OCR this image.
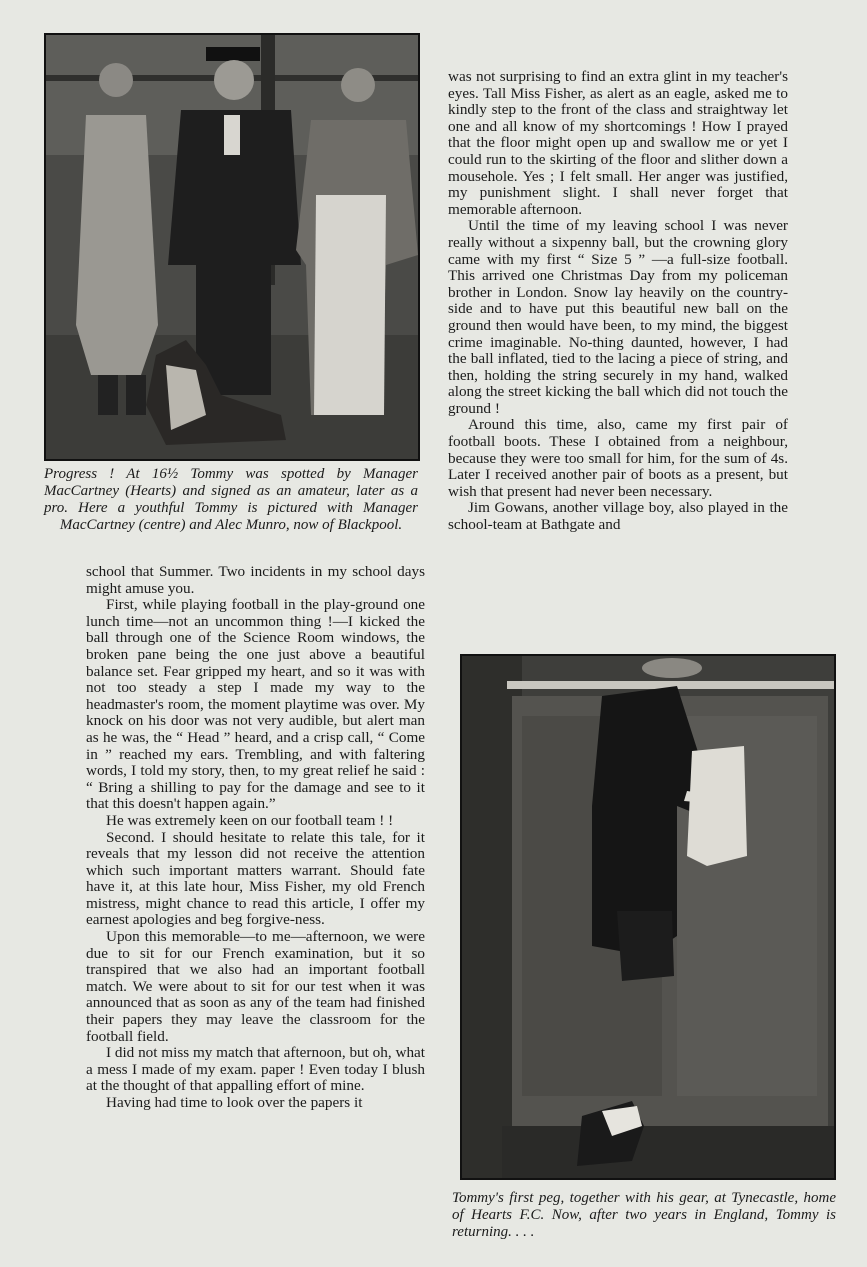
Progress ! At 16½ Tommy was spotted by Manager MacCartney (Hearts) and signed as an amateur, later as a pro. Here a youthful Tommy is pictured with Manager MacCartney (centre) and Alec Munro, now of Blackpool.

school that Summer. Two incidents in my school days might amuse you.

First, while playing football in the play-ground one lunch time—not an uncommon thing !—I kicked the ball through one of the Science Room windows, the broken pane being the one just above a beautiful balance set. Fear gripped my heart, and so it was with not too steady a step I made my way to the headmaster's room, the moment playtime was over. My knock on his door was not very audible, but alert man as he was, the “ Head ” heard, and a crisp call, “ Come in ” reached my ears. Trembling, and with faltering words, I told my story, then, to my great relief he said : “ Bring a shilling to pay for the damage and see to it that this doesn't happen again.”

He was extremely keen on our football team ! !

Second. I should hesitate to relate this tale, for it reveals that my lesson did not receive the attention which such important matters warrant. Should fate have it, at this late hour, Miss Fisher, my old French mistress, might chance to read this article, I offer my earnest apologies and beg forgive-ness.

Upon this memorable—to me—afternoon, we were due to sit for our French examination, but it so transpired that we also had an important football match. We were about to sit for our test when it was announced that as soon as any of the team had finished their papers they may leave the classroom for the football field.

I did not miss my match that afternoon, but oh, what a mess I made of my exam. paper ! Even today I blush at the thought of that appalling effort of mine.

Having had time to look over the papers it

was not surprising to find an extra glint in my teacher's eyes. Tall Miss Fisher, as alert as an eagle, asked me to kindly step to the front of the class and straightway let one and all know of my shortcomings ! How I prayed that the floor might open up and swallow me or yet I could run to the skirting of the floor and slither down a mousehole. Yes ; I felt small. Her anger was justified, my punishment slight. I shall never forget that memorable afternoon.

Until the time of my leaving school I was never really without a sixpenny ball, but the crowning glory came with my first “ Size 5 ” —a full-size football. This arrived one Christmas Day from my policeman brother in London. Snow lay heavily on the country-side and to have put this beautiful new ball on the ground then would have been, to my mind, the biggest crime imaginable. No-thing daunted, however, I had the ball inflated, tied to the lacing a piece of string, and then, holding the string securely in my hand, walked along the street kicking the ball which did not touch the ground !

Around this time, also, came my first pair of football boots. These I obtained from a neighbour, because they were too small for him, for the sum of 4s. Later I received another pair of boots as a present, but wish that present had never been necessary.

Jim Gowans, another village boy, also played in the school-team at Bathgate and

Tommy's first peg, together with his gear, at Tynecastle, home of Hearts F.C. Now, after two years in England, Tommy is returning. . . .
